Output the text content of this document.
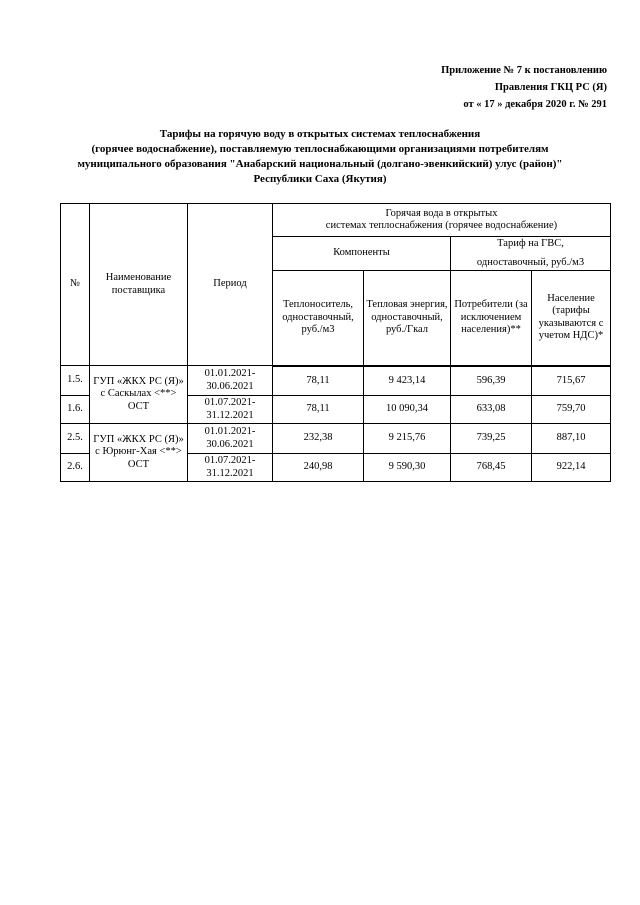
Приложение № 7 к постановлению
Правления ГКЦ РС (Я)
от « 17 » декабря 2020 г. № 291
Тарифы на горячую воду в открытых системах теплоснабжения
(горячее водоснабжение), поставляемую теплоснабжающими организациями потребителям
муниципального образования "Анабарский национальный (долгано-эвенкийский) улус (район)"
Республики Саха (Якутия)
№	Наименование поставщика	Период	Горячая вода в открытых
системах теплоснабжения (горячее водоснабжение)			

			Компоненты		Тариф на ГВС,
одноставочный, руб./м3	

			Теплоноситель, одноставочный, руб./м3	Тепловая энергия, одноставочный, руб./Гкал	Потребители (за исключением населения)**	Население (тарифы указываются с учетом НДС)*
1.5.	ГУП «ЖКХ РС (Я)» с Саскылах <**> ОСТ	01.01.2021-
30.06.2021	78,11	9 423,14	596,39	715,67
1.6.		01.07.2021-
31.12.2021	78,11	10 090,34	633,08	759,70
2.5.	ГУП «ЖКХ РС (Я)» с Юрюнг-Хая <**> ОСТ	01.01.2021-
30.06.2021	232,38	9 215,76	739,25	887,10
2.6.		01.07.2021-
31.12.2021	240,98	9 590,30	768,45	922,14
